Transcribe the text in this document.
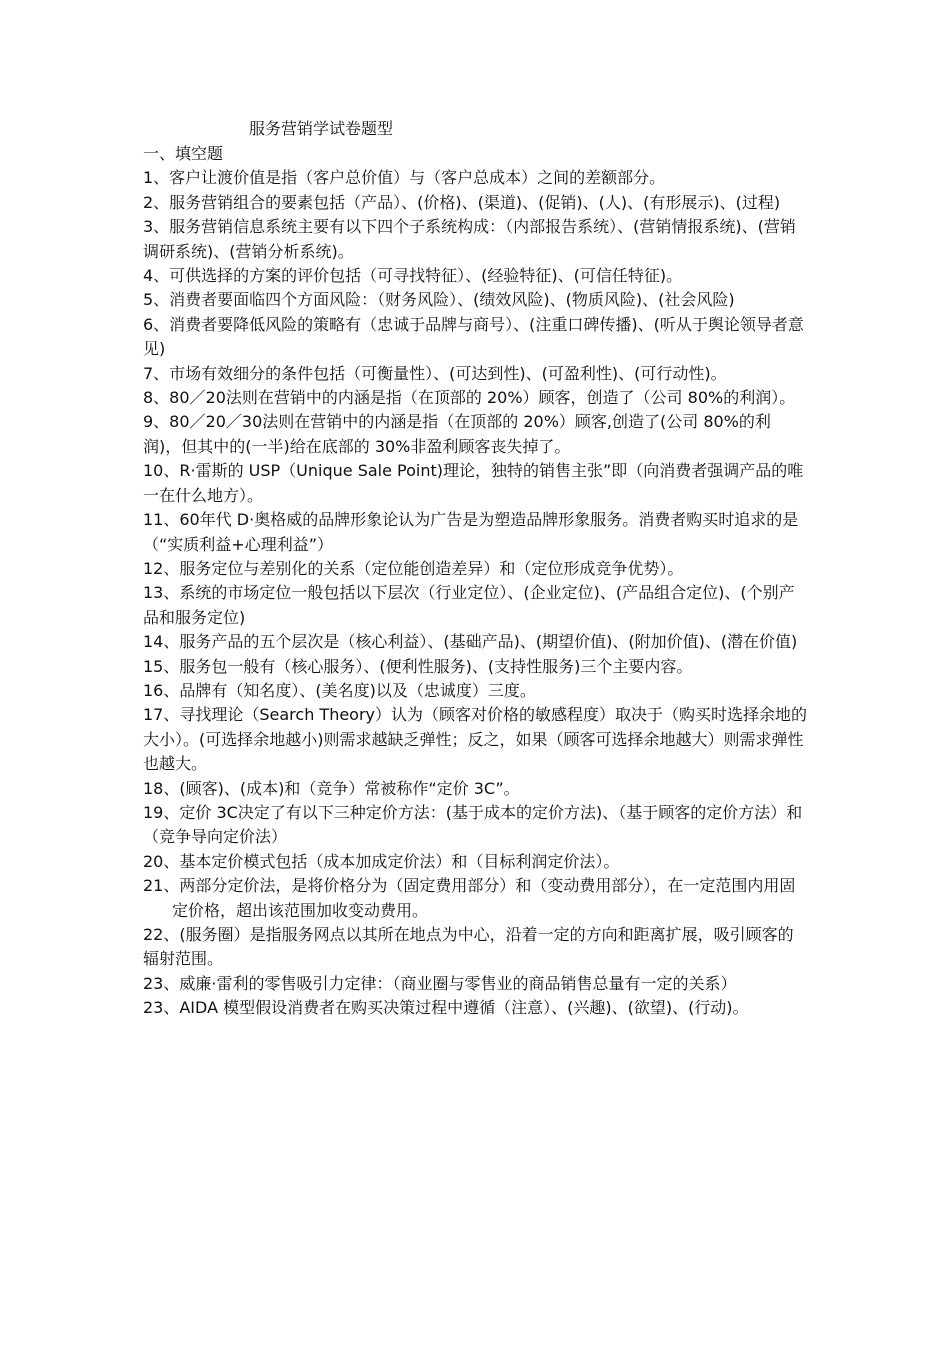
服务营销学试卷题型
一、填空题

1、客户让渡价值是指（客户总价值）与（客户总成本）之间的差额部分。

2、服务营销组合的要素包括（产品）、(价格)、(渠道)、(促销)、(人)、(有形展示)、(过程)

3、服务营销信息系统主要有以下四个子系统构成：（内部报告系统）、(营销情报系统)、(营销调研系统)、(营销分析系统)。

4、可供选择的方案的评价包括（可寻找特征）、(经验特征)、(可信任特征)。

5、消费者要面临四个方面风险：（财务风险）、(绩效风险)、(物质风险)、(社会风险)

6、消费者要降低风险的策略有（忠诚于品牌与商号）、(注重口碑传播)、(听从于舆论领导者意见)

7、市场有效细分的条件包括（可衡量性）、(可达到性)、(可盈利性)、(可行动性)。

8、80／20法则在营销中的内涵是指（在顶部的 20%）顾客，创造了（公司 80%的利润）。

9、80／20／30法则在营销中的内涵是指（在顶部的 20%）顾客,创造了(公司 80%的利润)，但其中的(一半)给在底部的 30%非盈利顾客丧失掉了。

10、R·雷斯的 USP（Unique Sale Point)理论，独特的销售主张”即（向消费者强调产品的唯一在什么地方）。

11、60年代 D·奥格威的品牌形象论认为广告是为塑造品牌形象服务。消费者购买时追求的是（“实质利益+心理利益”）

12、服务定位与差别化的关系（定位能创造差异）和（定位形成竞争优势）。

13、系统的市场定位一般包括以下层次（行业定位）、(企业定位)、(产品组合定位)、(个别产品和服务定位)

14、服务产品的五个层次是（核心利益）、(基础产品)、(期望价值)、(附加价值)、(潜在价值)

15、服务包一般有（核心服务）、(便利性服务)、(支持性服务)三个主要内容。

16、品牌有（知名度）、(美名度)以及（忠诚度）三度。

17、寻找理论（Search Theory）认为（顾客对价格的敏感程度）取决于（购买时选择余地的大小）。(可选择余地越小)则需求越缺乏弹性；反之，如果（顾客可选择余地越大）则需求弹性也越大。

18、(顾客)、(成本)和（竞争）常被称作“定价 3C”。

19、定价 3C决定了有以下三种定价方法：(基于成本的定价方法)、（基于顾客的定价方法）和（竞争导向定价法）

20、基本定价模式包括（成本加成定价法）和（目标利润定价法）。

21、两部分定价法，是将价格分为（固定费用部分）和（变动费用部分），在一定范围内用固定价格，超出该范围加收变动费用。

22、(服务圈）是指服务网点以其所在地点为中心，沿着一定的方向和距离扩展，吸引顾客的辐射范围。

23、威廉·雷利的零售吸引力定律：（商业圈与零售业的商品销售总量有一定的关系）

23、AIDA 模型假设消费者在购买决策过程中遵循（注意）、(兴趣)、(欲望)、(行动)。
